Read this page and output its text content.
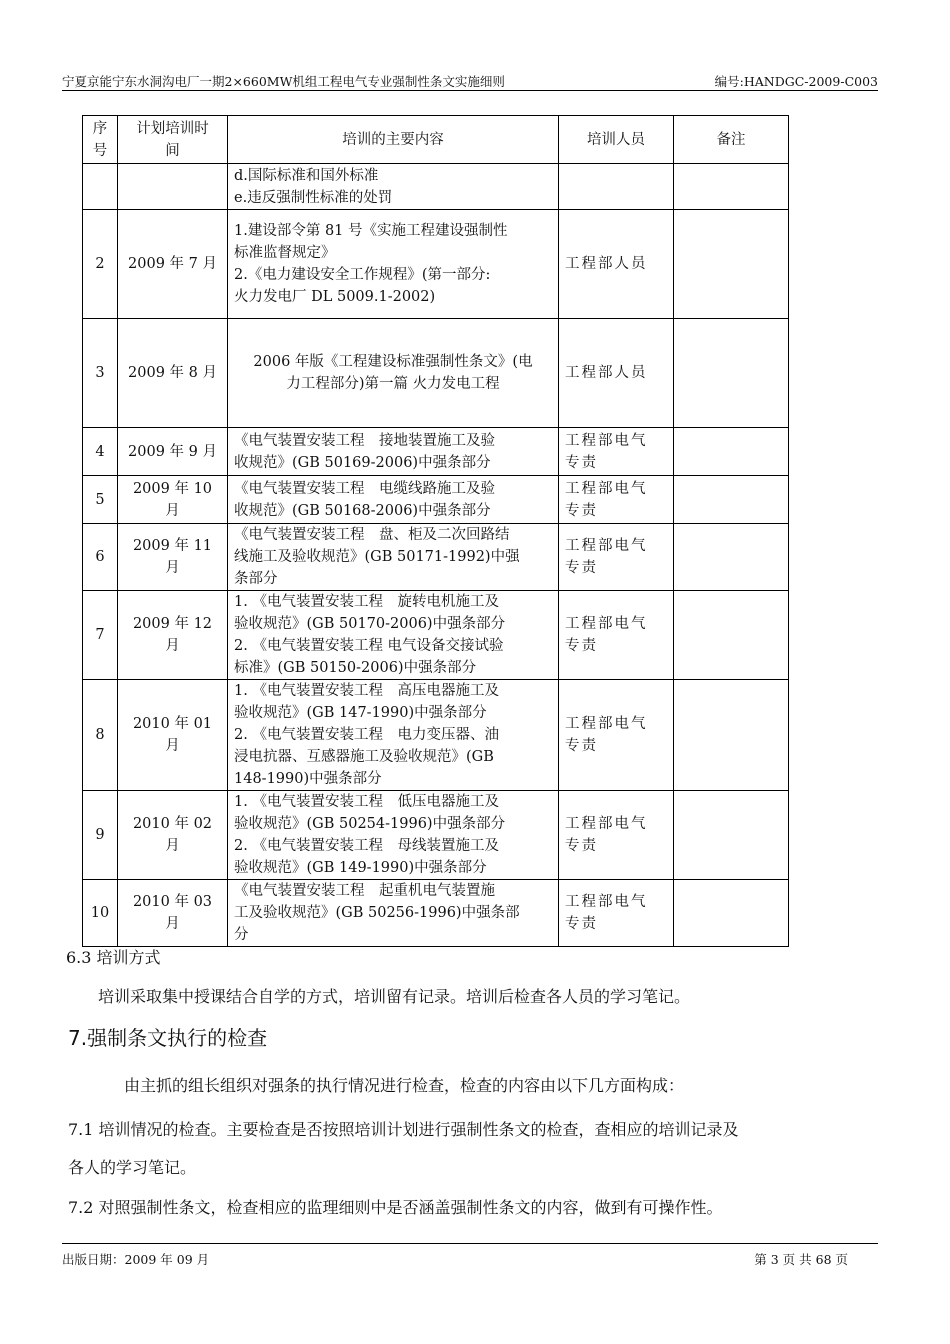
宁夏京能宁东水洞沟电厂一期2×660MW机组工程电气专业强制性条文实施细则	编号:HANDGC-2009-C003
序
号	计划培训时
间	培训的主要内容	培训人员	备注

		d.国际标准和国外标准
e.违反强制性标准的处罚		

2	2009 年 7 月	1.建设部令第 81 号《实施工程建设强制性
标准监督规定》
2.《电力建设安全工作规程》(第一部分:
火力发电厂 DL 5009.1-2002)	工程部人员	

3	2009 年 8 月	2006 年版《工程建设标准强制性条文》(电
力工程部分)第一篇 火力发电工程	工程部人员	

4	2009 年 9 月	《电气装置安装工程　接地装置施工及验
收规范》(GB 50169-2006)中强条部分	工程部电气
专责	

5	2009 年 10 月	《电气装置安装工程　电缆线路施工及验
收规范》(GB 50168-2006)中强条部分	工程部电气
专责	

6	2009 年 11 月	《电气装置安装工程　盘、柜及二次回路结
线施工及验收规范》(GB 50171-1992)中强
条部分	工程部电气
专责	

7	2009 年 12 月	1. 《电气装置安装工程　旋转电机施工及
验收规范》(GB 50170-2006)中强条部分
2. 《电气装置安装工程 电气设备交接试验
标准》(GB 50150-2006)中强条部分	工程部电气
专责	

8	2010 年 01 月	1. 《电气装置安装工程　高压电器施工及
验收规范》(GB 147-1990)中强条部分
2. 《电气装置安装工程　电力变压器、油
浸电抗器、互感器施工及验收规范》(GB
148-1990)中强条部分	工程部电气
专责	

9	2010 年 02 月	1. 《电气装置安装工程　低压电器施工及
验收规范》(GB 50254-1996)中强条部分
2. 《电气装置安装工程　母线装置施工及
验收规范》(GB 149-1990)中强条部分	工程部电气
专责	

10	2010 年 03 月	《电气装置安装工程　起重机电气装置施
工及验收规范》(GB 50256-1996)中强条部
分	工程部电气
专责	

6.3 培训方式
培训采取集中授课结合自学的方式，培训留有记录。培训后检查各人员的学习笔记。
7.强制条文执行的检查
由主抓的组长组织对强条的执行情况进行检查，检查的内容由以下几方面构成：
7.1 培训情况的检查。主要检查是否按照培训计划进行强制性条文的检查，查相应的培训记录及
各人的学习笔记。
7.2 对照强制性条文，检查相应的监理细则中是否涵盖强制性条文的内容，做到有可操作性。
出版日期：2009 年 09 月	第 3 页 共 68 页
